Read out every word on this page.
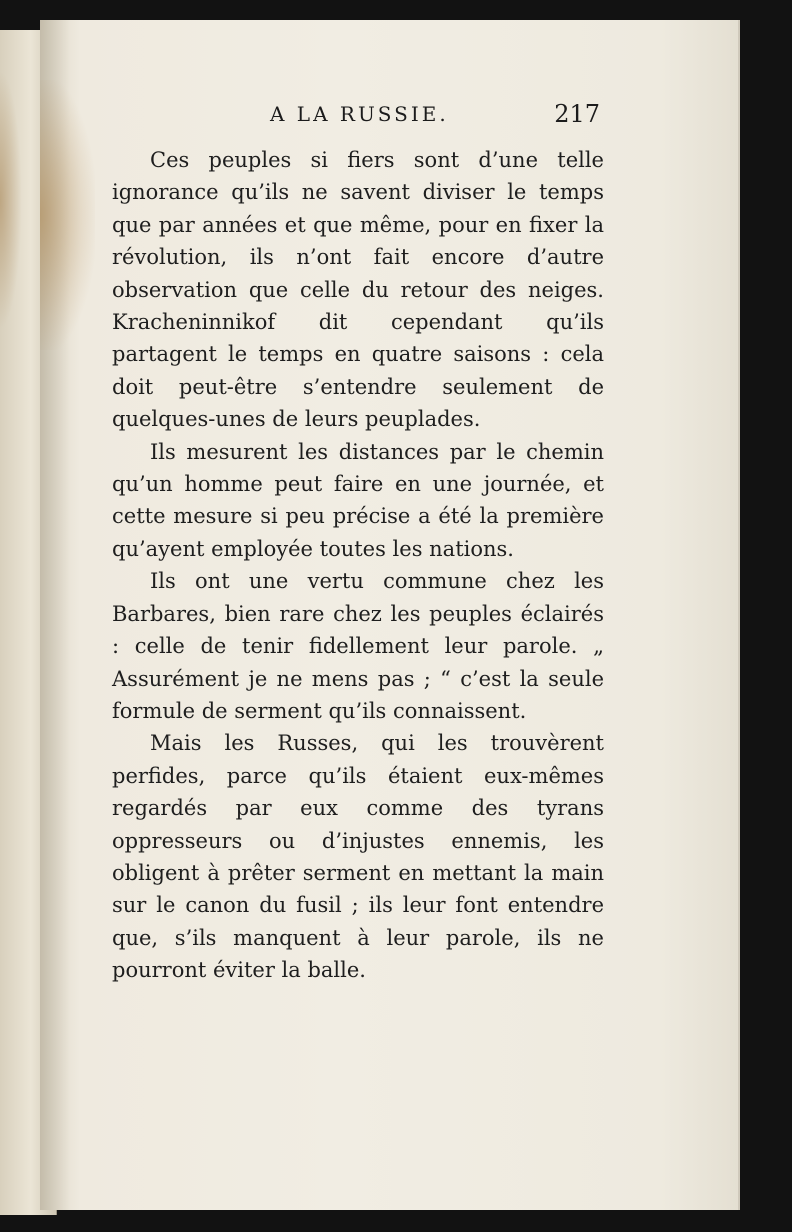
A LA RUSSIE.	217

Ces peuples si fiers sont d’une telle ignorance qu’ils ne savent diviser le temps que par années et que même, pour en fixer la révolution, ils n’ont fait encore d’autre observation que celle du retour des neiges. Kracheninnikof dit cependant qu’ils partagent le temps en quatre saisons : cela doit peut-être s’entendre seulement de quelques-unes de leurs peuplades.

Ils mesurent les distances par le chemin qu’un homme peut faire en une journée, et cette mesure si peu précise a été la première qu’ayent employée toutes les nations.

Ils ont une vertu commune chez les Barbares, bien rare chez les peuples éclairés : celle de tenir fidellement leur parole. „ Assurément je ne mens pas ; “ c’est la seule formule de serment qu’ils connaissent.

Mais les Russes, qui les trouvèrent perfides, parce qu’ils étaient eux-mêmes regardés par eux comme des tyrans oppresseurs ou d’injustes ennemis, les obligent à prêter serment en mettant la main sur le canon du fusil ; ils leur font entendre que, s’ils manquent à leur parole, ils ne pourront éviter la balle.
